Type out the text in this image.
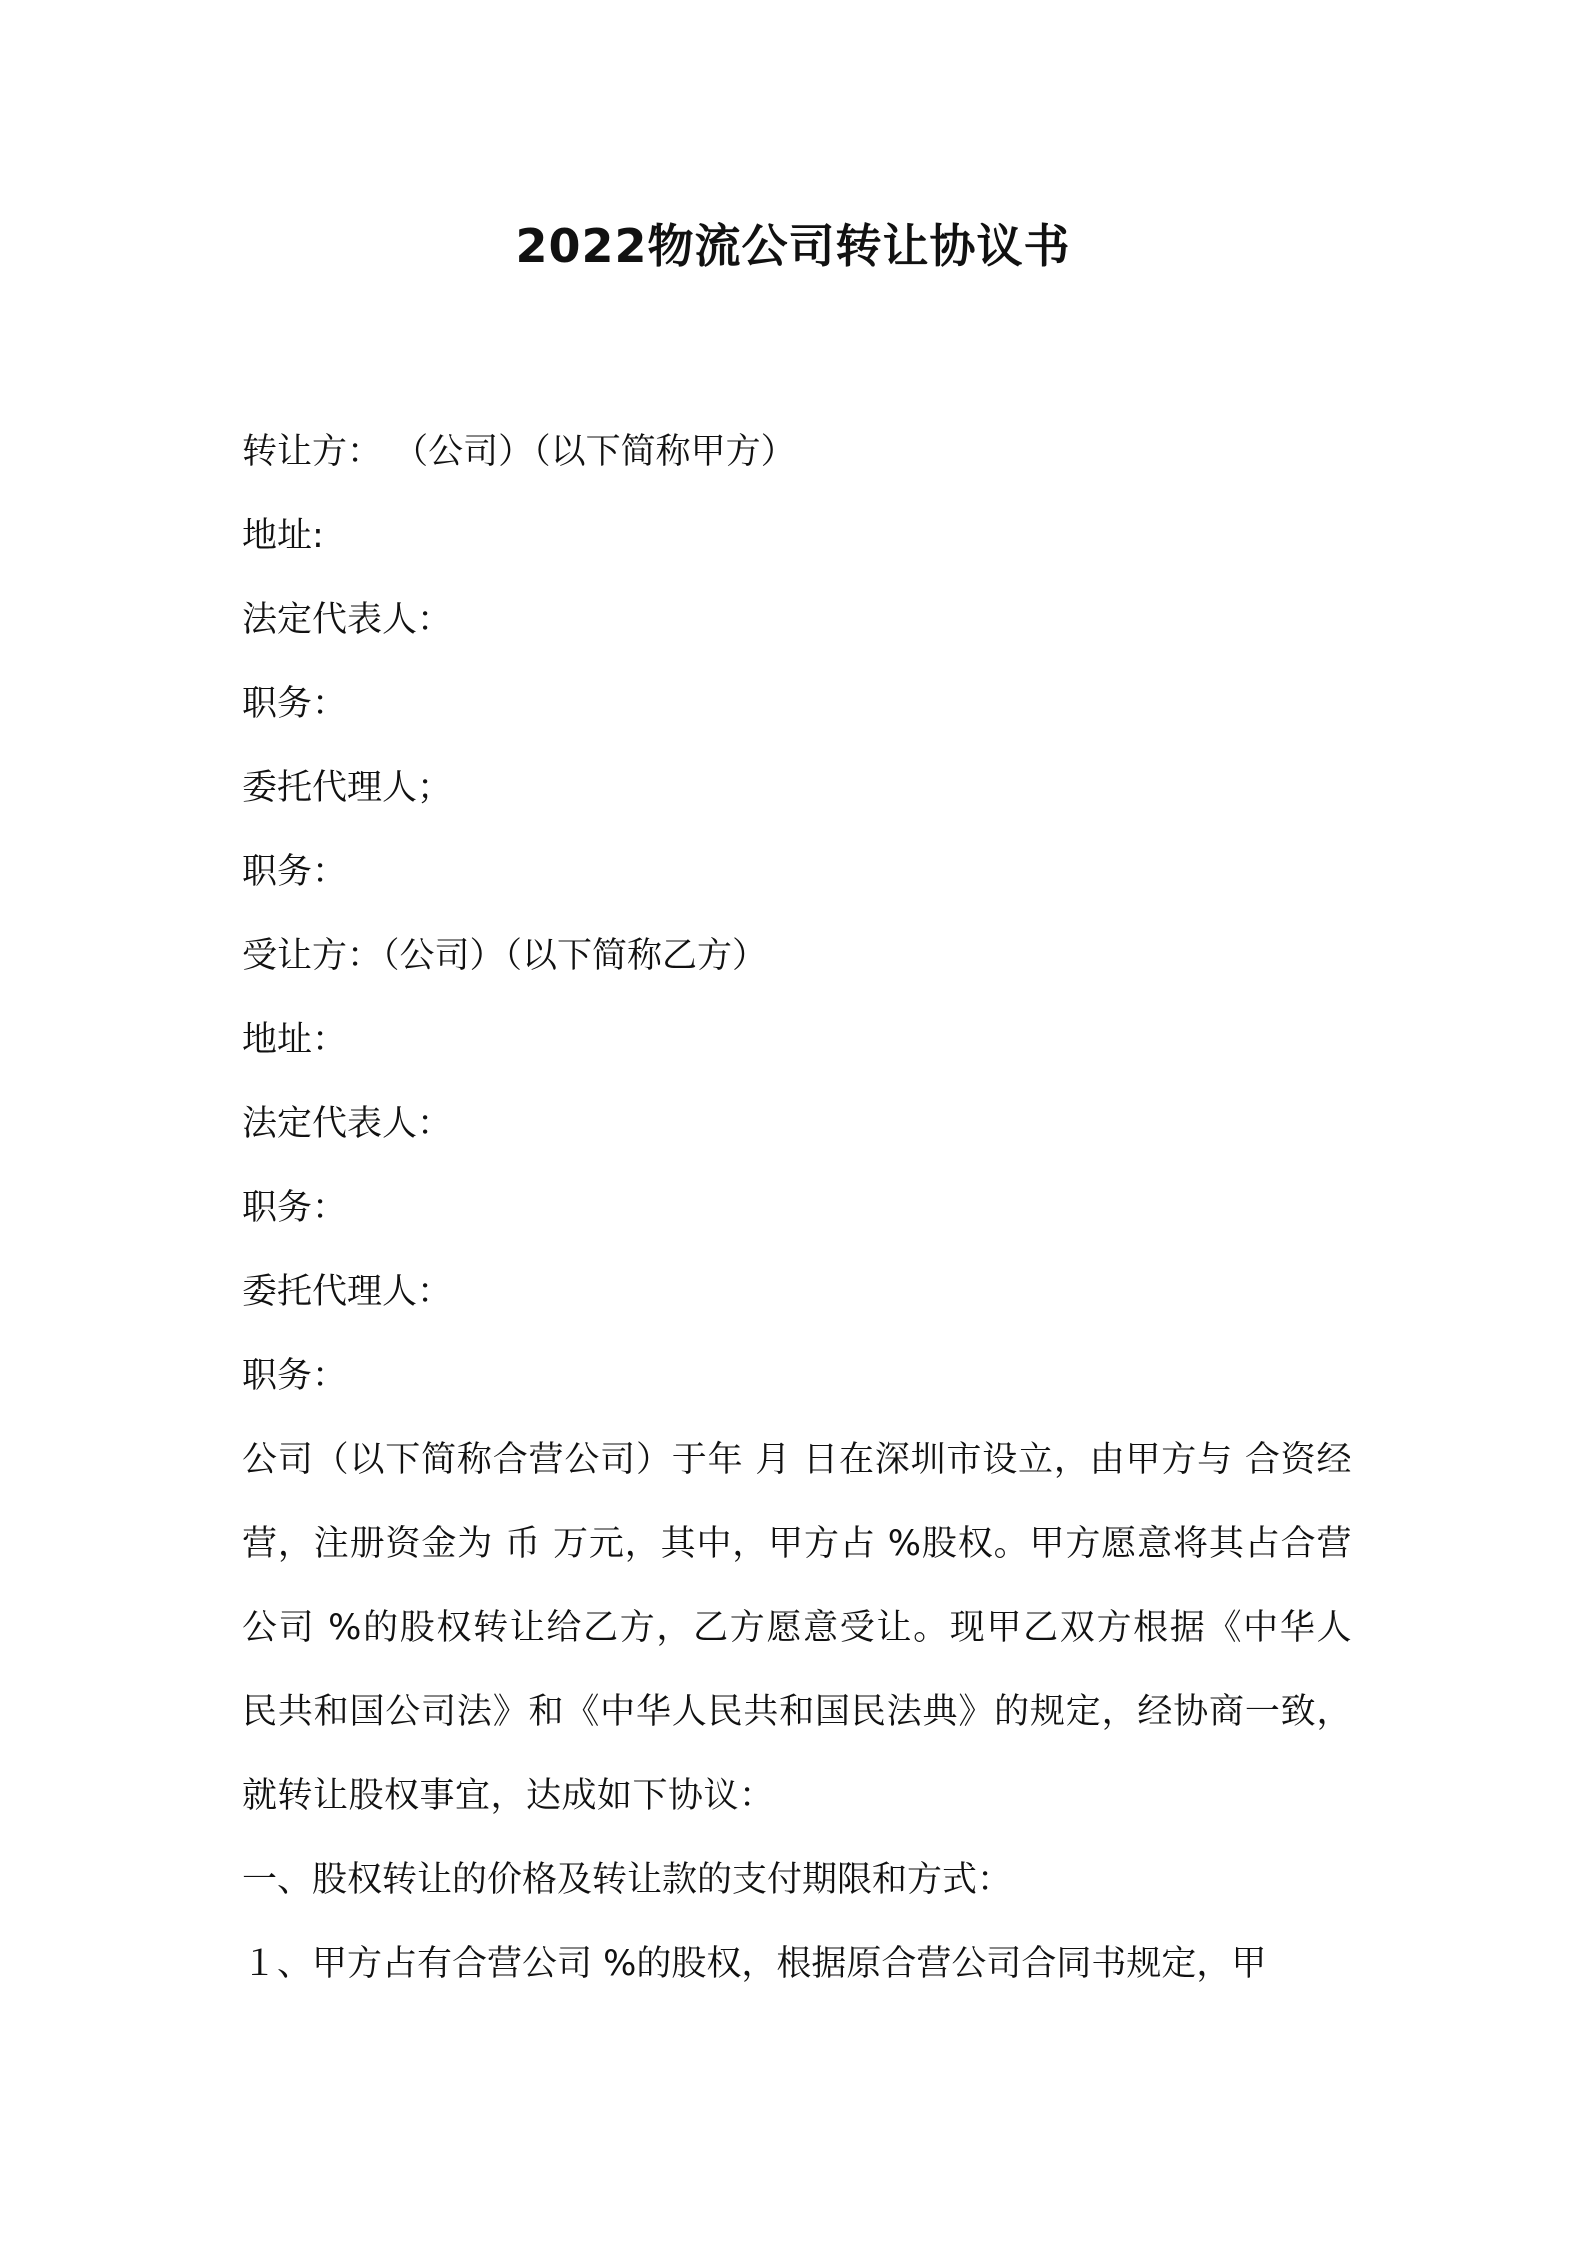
2022物流公司转让协议书
转让方： （公司）（以下简称甲方）
地址:
法定代表人：
职务：
委托代理人；
职务：
受让方：（公司）（以下简称乙方）
地址：
法定代表人：
职务：
委托代理人：
职务：
公司（以下简称合营公司）于年 月 日在深圳市设立，由甲方与 合资经营，注册资金为 币 万元，其中，甲方占 %股权。甲方愿意将其占合营公司 %的股权转让给乙方，乙方愿意受让。现甲乙双方根据《中华人民共和国公司法》和《中华人民共和国民法典》的规定，经协商一致，就转让股权事宜，达成如下协议：
一、股权转让的价格及转让款的支付期限和方式：
１、甲方占有合营公司 %的股权，根据原合营公司合同书规定，甲
